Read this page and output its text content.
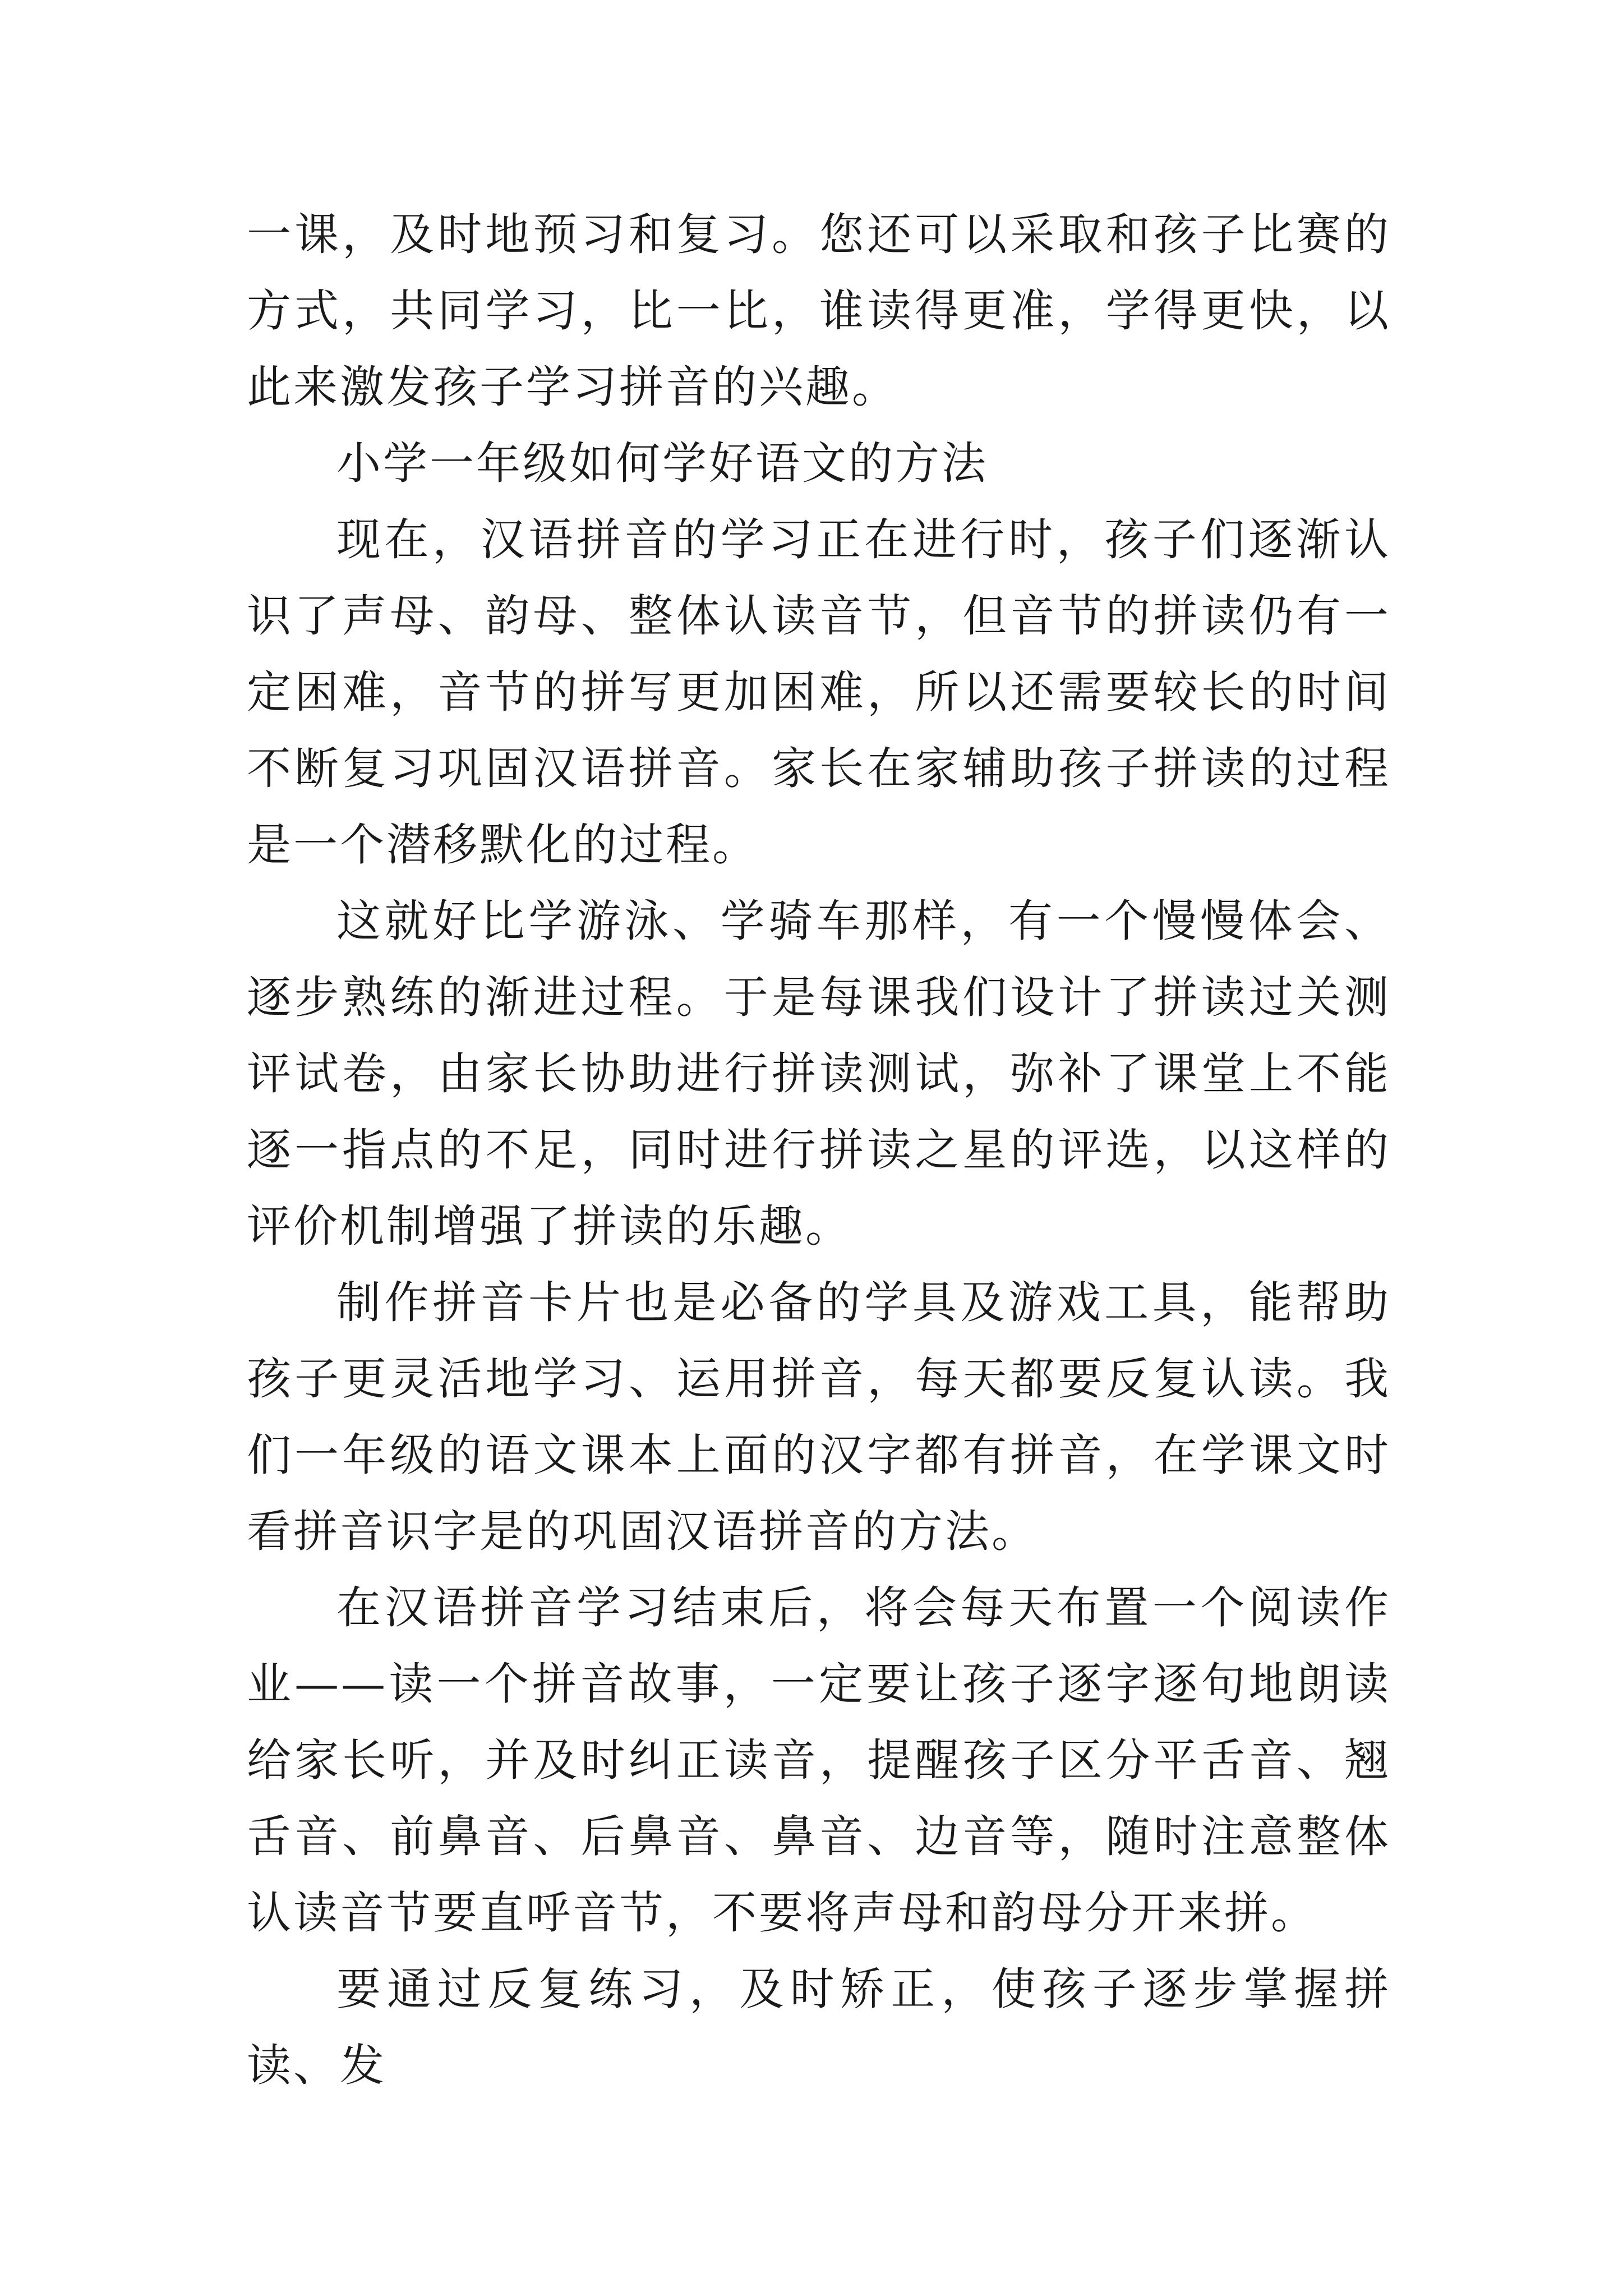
一课，及时地预习和复习。您还可以采取和孩子比赛的方式，共同学习，比一比，谁读得更准，学得更快，以此来激发孩子学习拼音的兴趣。

小学一年级如何学好语文的方法

现在，汉语拼音的学习正在进行时，孩子们逐渐认识了声母、韵母、整体认读音节，但音节的拼读仍有一定困难，音节的拼写更加困难，所以还需要较长的时间不断复习巩固汉语拼音。家长在家辅助孩子拼读的过程是一个潜移默化的过程。

这就好比学游泳、学骑车那样，有一个慢慢体会、逐步熟练的渐进过程。于是每课我们设计了拼读过关测评试卷，由家长协助进行拼读测试，弥补了课堂上不能逐一指点的不足，同时进行拼读之星的评选，以这样的评价机制增强了拼读的乐趣。

制作拼音卡片也是必备的学具及游戏工具，能帮助孩子更灵活地学习、运用拼音，每天都要反复认读。我们一年级的语文课本上面的汉字都有拼音，在学课文时看拼音识字是的巩固汉语拼音的方法。

在汉语拼音学习结束后，将会每天布置一个阅读作业——读一个拼音故事，一定要让孩子逐字逐句地朗读给家长听，并及时纠正读音，提醒孩子区分平舌音、翘舌音、前鼻音、后鼻音、鼻音、边音等，随时注意整体认读音节要直呼音节，不要将声母和韵母分开来拼。

要通过反复练习，及时矫正，使孩子逐步掌握拼读、发
